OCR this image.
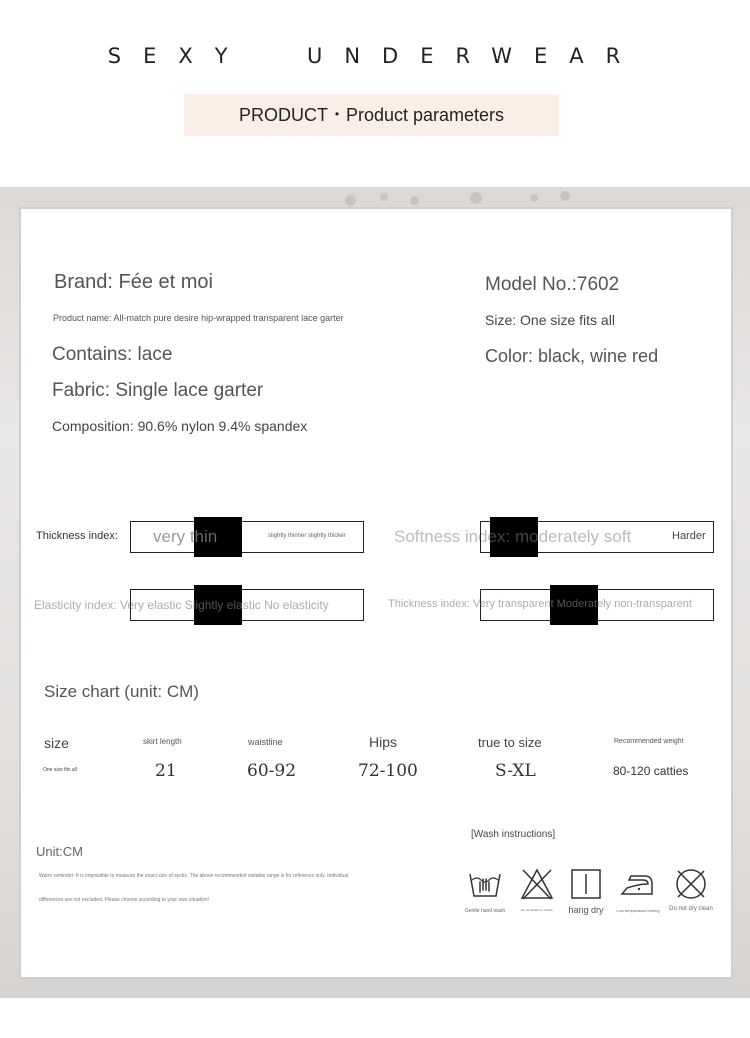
SEXY  UNDERWEAR
PRODUCT・Product parameters
Brand: Fée et moi
Product name: All-match pure desire hip-wrapped transparent lace garter
Contains: lace
Fabric: Single lace garter
Composition: 90.6% nylon 9.4% spandex
Model No.:7602
Size: One size fits all
Color: black, wine red
Thickness index: very thin	slightly thinner slightly thicker	Softness index: moderately soft	Harder
Elasticity index: Very elastic Slightly elastic No elasticity	Thickness index: Very transparent Moderately non-transparent
Size chart (unit: CM)
size	skirt length	waistline	Hips	true to size	Recommended weight
One size fits all	21	60-92	72-100	S-XL	80-120 catties
Unit:CM
Warm reminder: It is impossible to measure the exact size of socks. The above recommended suitable range is for reference only. Individual
differences are not excluded. Please choose according to your own situation!
[Wash instructions]
Gentle hand wash	Do not bleach or tumble	hang dry	Low temperature ironing	Do not dry clean
